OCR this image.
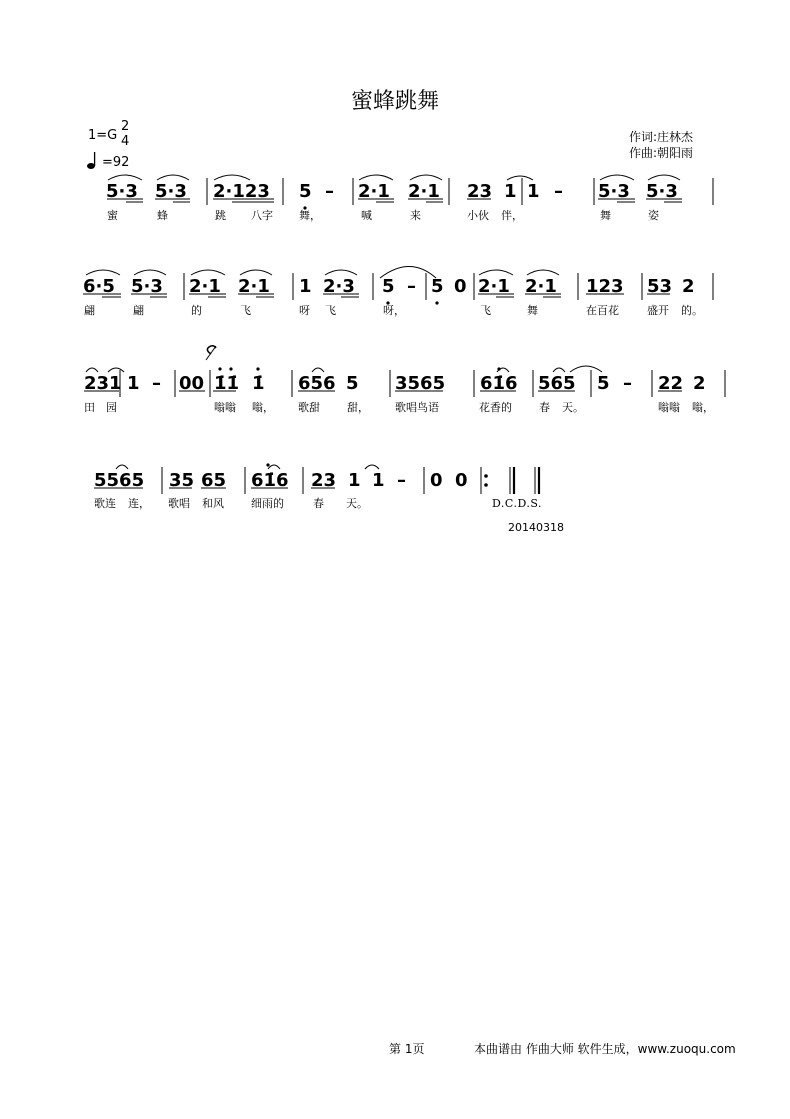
蜜蜂跳舞
1=G
2
4
=92
作词:庄林杰
作曲:朝阳雨
5·3 5·3 2·123 5 – 2·1 2·1 23 1 1 – 5·3 5·3
6·5 5·3 2·1 2·1 1 2·3 5 – 5 0 2·1 2·1 123 53 2
231 1 – 00 1̇1̇ 1̇ 656 5 3565 61̇6 565 5 – 22 2
5565 35 65 61̇6 23 1 1 – 0 0
蜜	蜂	跳 八字 舞，	喊	来	小伙 伴，	舞	姿
翩	翩	的	飞	呀 飞	呀，	飞	舞	在百花	盛开 的。
田 园	嗡嗡 嗡， 歌甜 甜， 歌唱鸟语	花香的 春 天。	嗡嗡 嗡，
歌连 连， 歌唱 和风 细雨的	春 天。	D.C.D.S.
20140318
第 1页	本曲谱由 作曲大师 软件生成，www.zuoqu.com
